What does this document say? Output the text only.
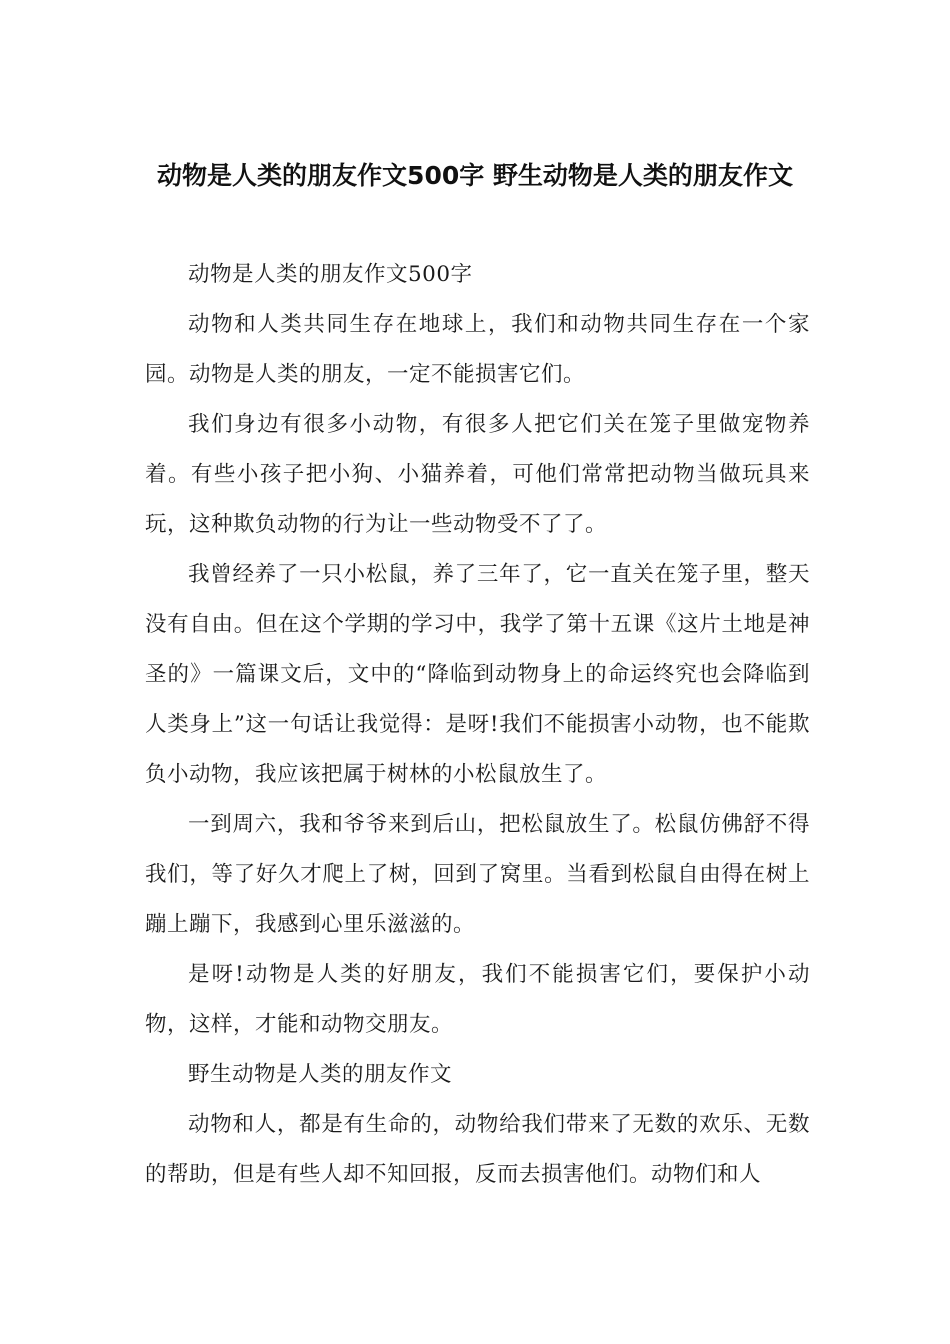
动物是人类的朋友作文500字 野生动物是人类的朋友作文

动物是人类的朋友作文500字

动物和人类共同生存在地球上，我们和动物共同生存在一个家园。动物是人类的朋友，一定不能损害它们。

我们身边有很多小动物，有很多人把它们关在笼子里做宠物养着。有些小孩子把小狗、小猫养着，可他们常常把动物当做玩具来玩，这种欺负动物的行为让一些动物受不了了。

我曾经养了一只小松鼠，养了三年了，它一直关在笼子里，整天没有自由。但在这个学期的学习中，我学了第十五课《这片土地是神圣的》一篇课文后，文中的“降临到动物身上的命运终究也会降临到人类身上”这一句话让我觉得：是呀!我们不能损害小动物，也不能欺负小动物，我应该把属于树林的小松鼠放生了。

一到周六，我和爷爷来到后山，把松鼠放生了。松鼠仿佛舒不得我们，等了好久才爬上了树，回到了窝里。当看到松鼠自由得在树上蹦上蹦下，我感到心里乐滋滋的。

是呀!动物是人类的好朋友，我们不能损害它们，要保护小动物，这样，才能和动物交朋友。

野生动物是人类的朋友作文

动物和人，都是有生命的，动物给我们带来了无数的欢乐、无数的帮助，但是有些人却不知回报，反而去损害他们。动物们和人
